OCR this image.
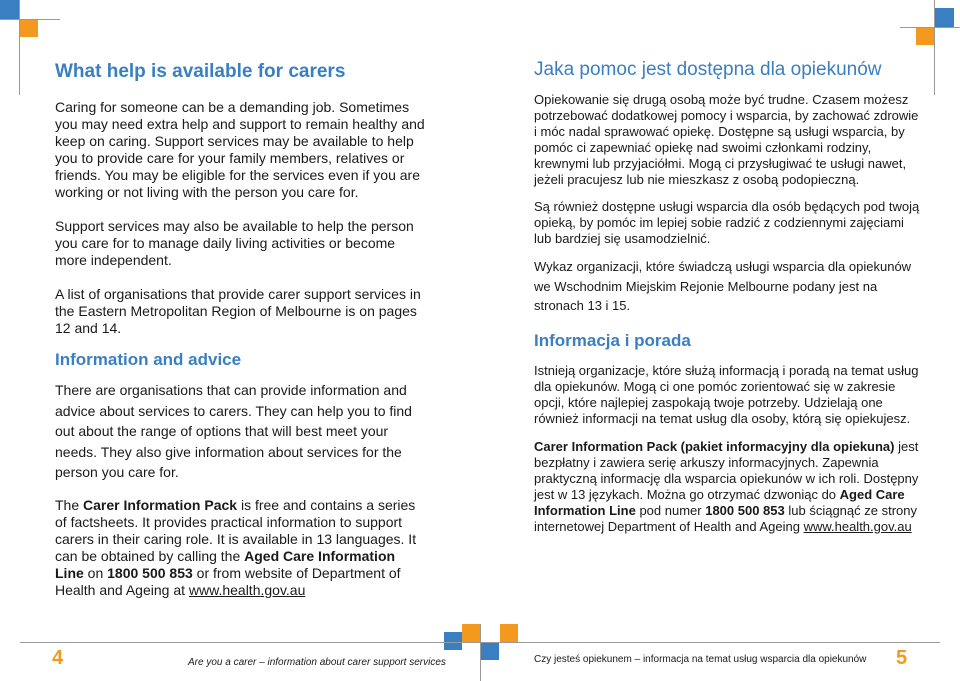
What help is available for carers

Caring for someone can be a demanding job. Sometimes you may need extra help and support to remain healthy and keep on caring. Support services may be available to help you to provide care for your family members, relatives or friends. You may be eligible for the services even if you are working or not living with the person you care for.

Support services may also be available to help the person you care for to manage daily living activities or become more independent.

A list of organisations that provide carer support services in the Eastern Metropolitan Region of Melbourne is on pages 12 and 14.

Information and advice

There are organisations that can provide information and advice about services to carers. They can help you to find out about the range of options that will best meet your needs. They also give information about services for the person you care for.

The Carer Information Pack is free and contains a series of factsheets. It provides practical information to support carers in their caring role. It is available in 13 languages. It can be obtained by calling the Aged Care Information Line on 1800 500 853 or from website of Department of Health and Ageing at www.health.gov.au

Jaka pomoc jest dostępna dla opiekunów

Opiekowanie się drugą osobą może być trudne. Czasem możesz potrzebować dodatkowej pomocy i wsparcia, by zachować zdrowie i móc nadal sprawować opiekę. Dostępne są usługi wsparcia, by pomóc ci zapewniać opiekę nad swoimi członkami rodziny, krewnymi lub przyjaciółmi. Mogą ci przysługiwać te usługi nawet, jeżeli pracujesz lub nie mieszkasz z osobą podopieczną.

Są również dostępne usługi wsparcia dla osób będących pod twoją opieką, by pomóc im lepiej sobie radzić z codziennymi zajęciami lub bardziej się usamodzielnić.

Wykaz organizacji, które świadczą usługi wsparcia dla opiekunów we Wschodnim Miejskim Rejonie Melbourne podany jest na stronach 13 i 15.

Informacja i porada

Istnieją organizacje, które służą informacją i poradą na temat usług dla opiekunów. Mogą ci one pomóc zorientować się w zakresie opcji, które najlepiej zaspokają twoje potrzeby. Udzielają one również informacji na temat usług dla osoby, którą się opiekujesz.

Carer Information Pack (pakiet informacyjny dla opiekuna) jest bezpłatny i zawiera serię arkuszy informacyjnych. Zapewnia praktyczną informację dla wsparcia opiekunów w ich roli. Dostępny jest w 13 językach. Można go otrzymać dzwoniąc do Aged Care Information Line pod numer 1800 500 853 lub ściągnąć ze strony internetowej Department of Health and Ageing www.health.gov.au

4	Are you a carer – information about carer support services	Czy jesteś opiekunem – informacja na temat usług wsparcia dla opiekunów 5
